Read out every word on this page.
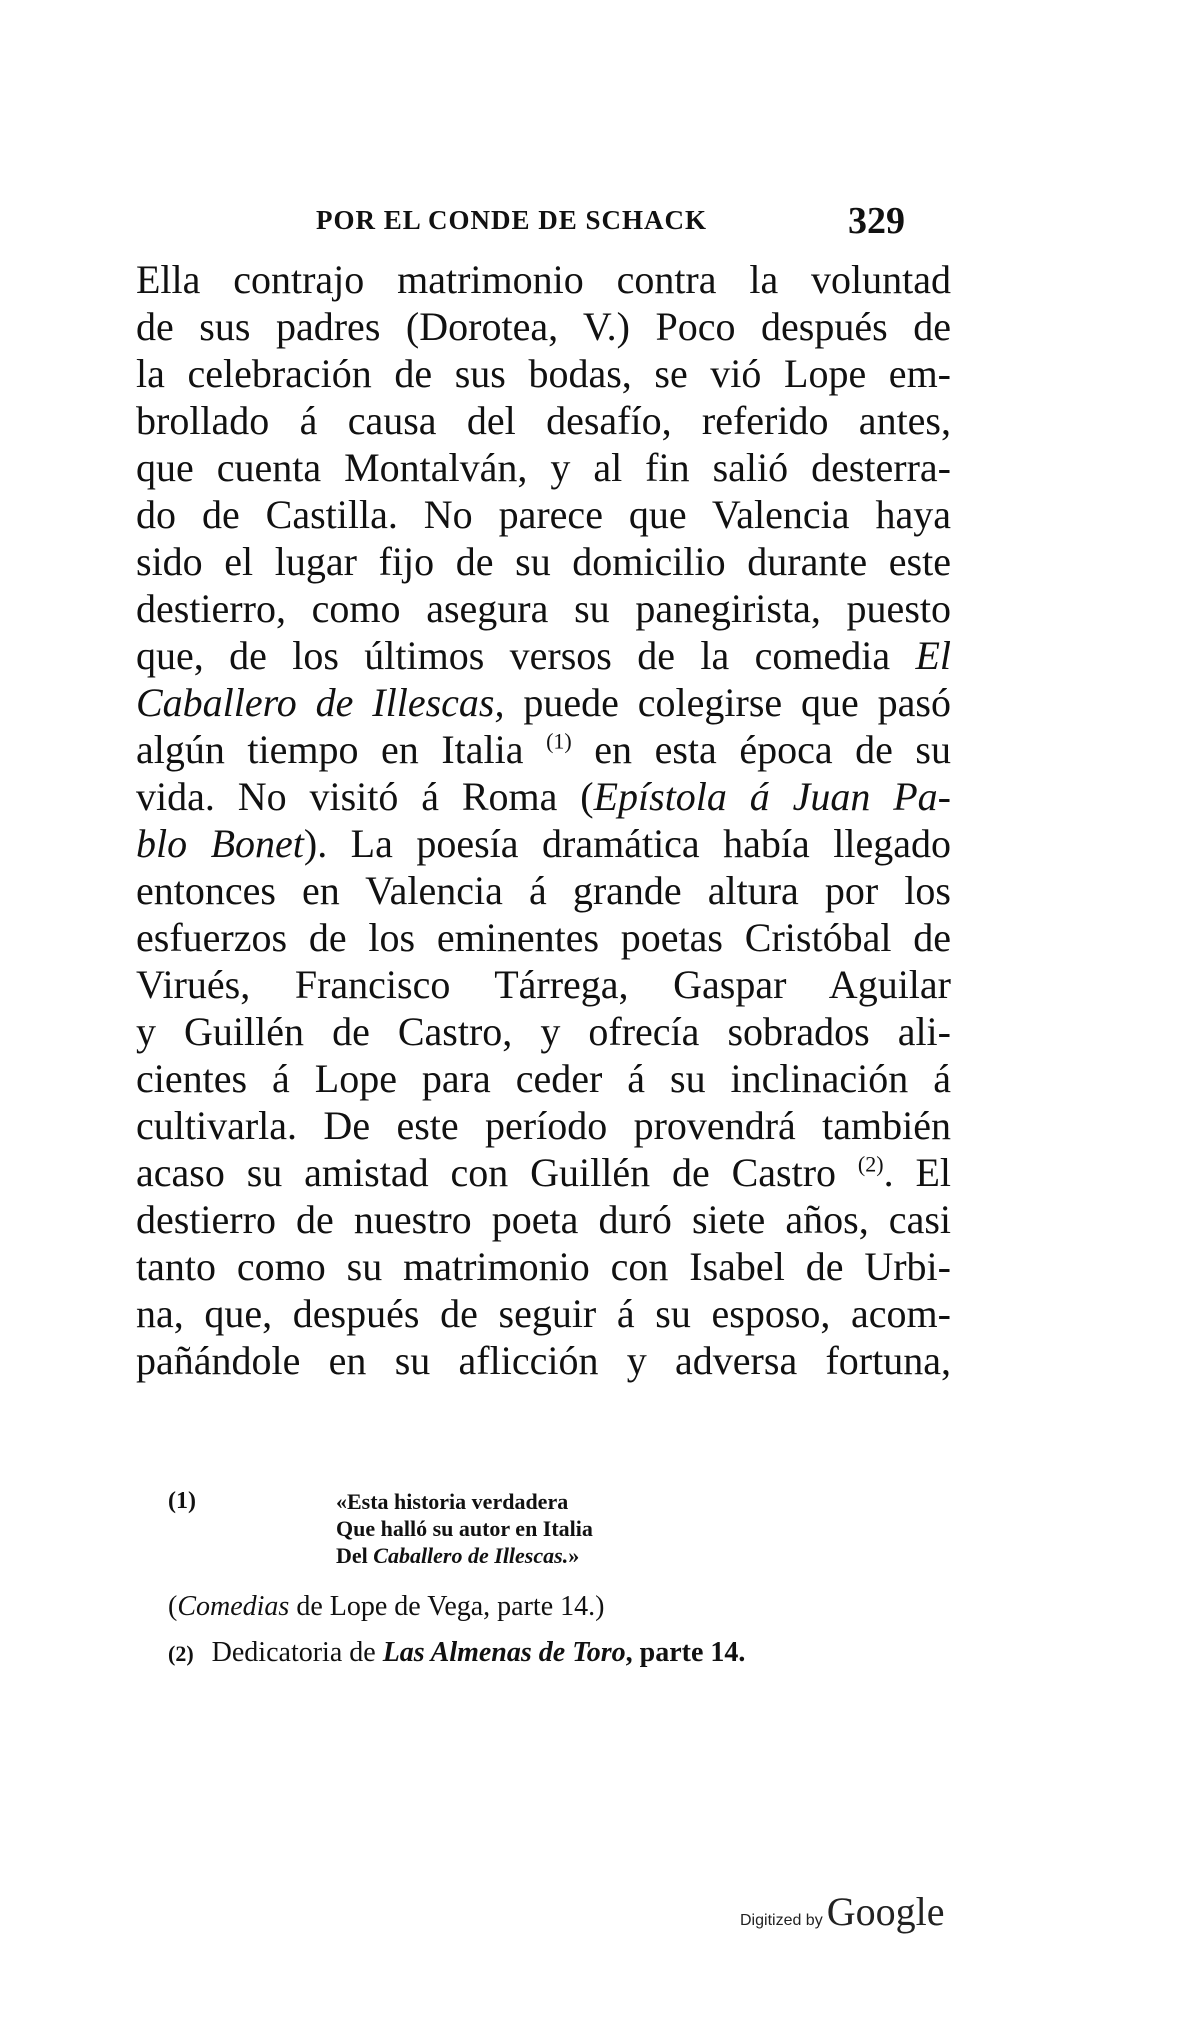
POR EL CONDE DE SCHACK	329
Ella contrajo matrimonio contra la voluntad
de sus padres (Dorotea, V.) Poco después de
la celebración de sus bodas, se vió Lope em-
brollado á causa del desafío, referido antes,
que cuenta Montalván, y al fin salió desterra-
do de Castilla. No parece que Valencia haya
sido el lugar fijo de su domicilio durante este
destierro, como asegura su panegirista, puesto
que, de los últimos versos de la comedia El
Caballero de Illescas, puede colegirse que pasó
algún tiempo en Italia $^{(1)}$ en esta época de su
vida. No visitó á Roma (Epístola á Juan Pa-
blo Bonet). La poesía dramática había llegado
entonces en Valencia á grande altura por los
esfuerzos de los eminentes poetas Cristóbal de
Virués, Francisco Tárrega, Gaspar Aguilar
y Guillén de Castro, y ofrecía sobrados ali-
cientes á Lope para ceder á su inclinación á
cultivarla. De este período provendrá también
acaso su amistad con Guillén de Castro $^{(2)}$. El
destierro de nuestro poeta duró siete años, casi
tanto como su matrimonio con Isabel de Urbi-
na, que, después de seguir á su esposo, acom-
pañándole en su aflicción y adversa fortuna,
(1)	«Esta historia verdadera
Que halló su autor en Italia
Del Caballero de Illescas.»
(Comedias de Lope de Vega, parte 14.)
(2) Dedicatoria de Las Almenas de Toro, parte 14.
Digitized by Google
